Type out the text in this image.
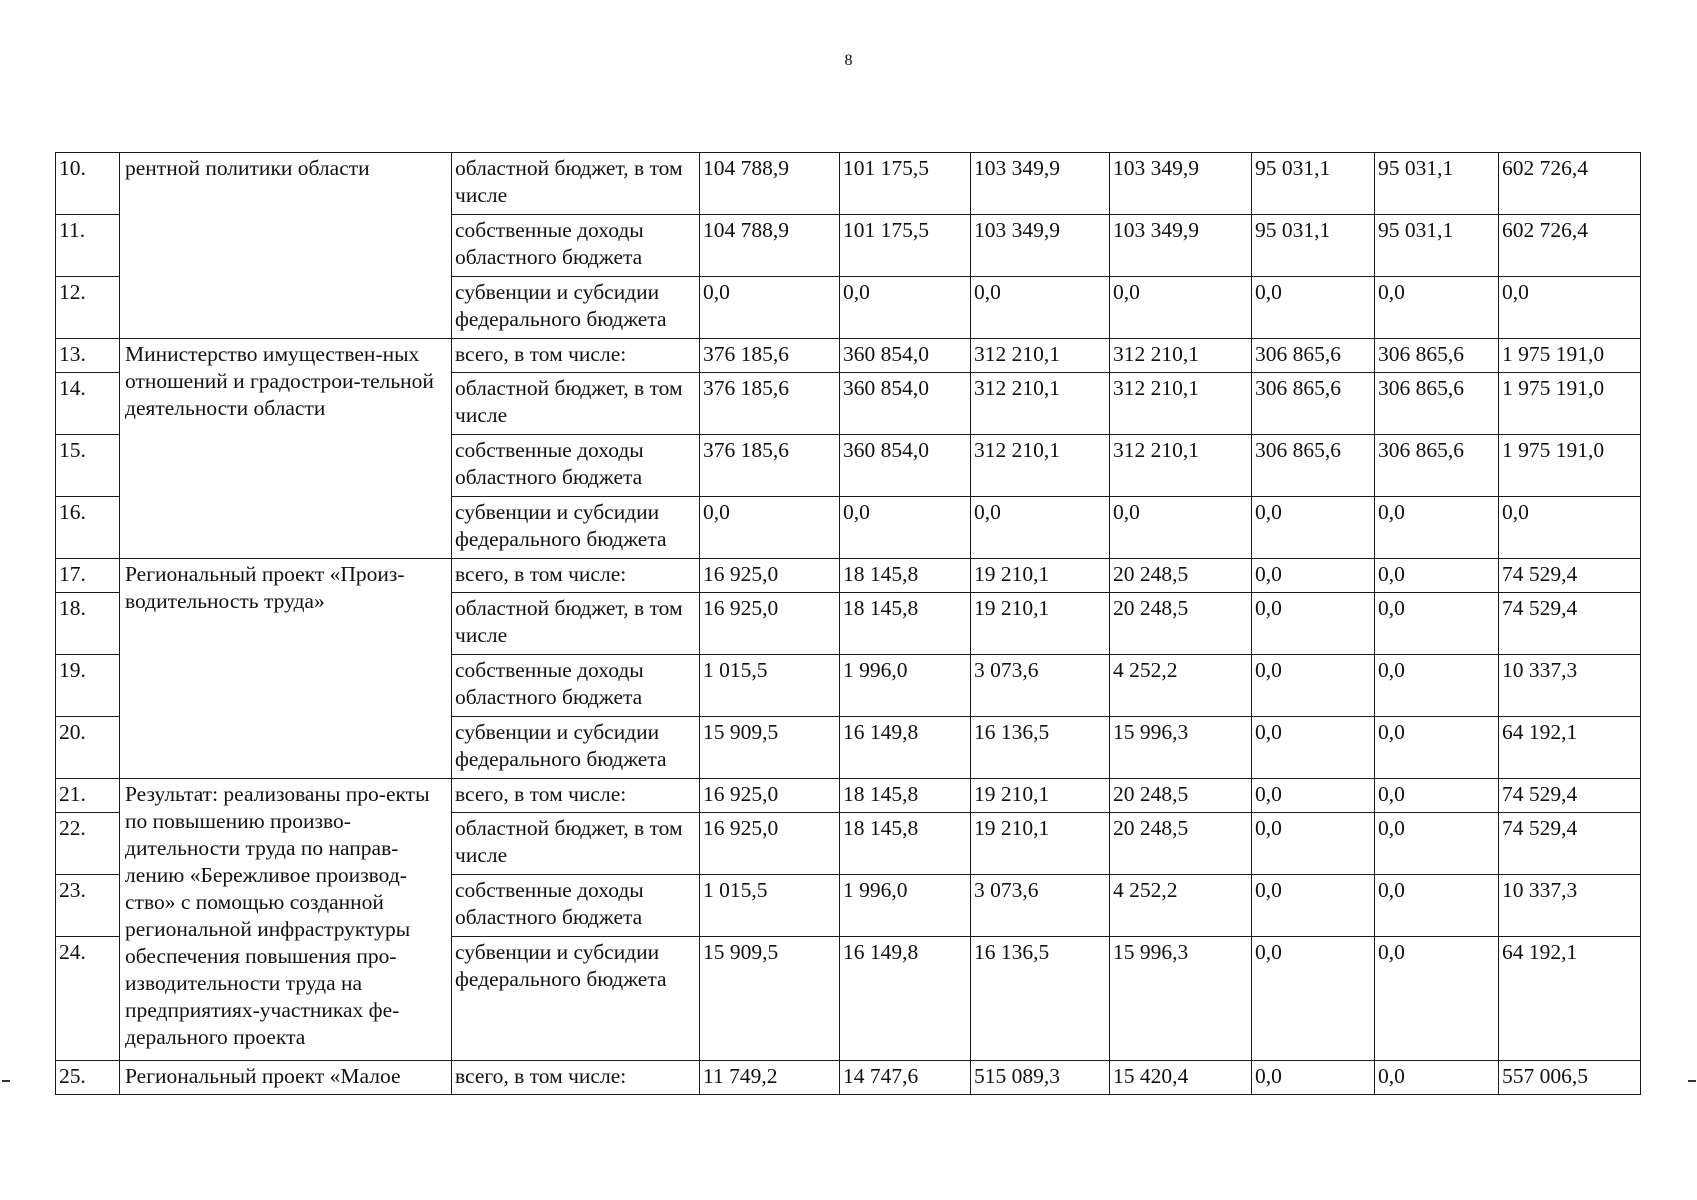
8
10.	рентной политики области	областной бюджет, в том числе	104 788,9	101 175,5	103 349,9	103 349,9	95 031,1	95 031,1	602 726,4
11.		собственные доходы областного бюджета	104 788,9	101 175,5	103 349,9	103 349,9	95 031,1	95 031,1	602 726,4
12.		субвенции и субсидии федерального бюджета	0,0	0,0	0,0	0,0	0,0	0,0	0,0
13.	Министерство имуществен-ных отношений и градострои-тельной деятельности области	всего, в том числе:	376 185,6	360 854,0	312 210,1	312 210,1	306 865,6	306 865,6	1 975 191,0
14.		областной бюджет, в том числе	376 185,6	360 854,0	312 210,1	312 210,1	306 865,6	306 865,6	1 975 191,0
15.		собственные доходы областного бюджета	376 185,6	360 854,0	312 210,1	312 210,1	306 865,6	306 865,6	1 975 191,0
16.		субвенции и субсидии федерального бюджета	0,0	0,0	0,0	0,0	0,0	0,0	0,0
17.	Региональный проект «Произ-водительность труда»	всего, в том числе:	16 925,0	18 145,8	19 210,1	20 248,5	0,0	0,0	74 529,4
18.		областной бюджет, в том числе	16 925,0	18 145,8	19 210,1	20 248,5	0,0	0,0	74 529,4
19.		собственные доходы областного бюджета	1 015,5	1 996,0	3 073,6	4 252,2	0,0	0,0	10 337,3
20.		субвенции и субсидии федерального бюджета	15 909,5	16 149,8	16 136,5	15 996,3	0,0	0,0	64 192,1
21.	Результат: реализованы про-екты по повышению произво-дительности труда по направ-лению «Бережливое производ-ство» с помощью созданной региональной инфраструктуры обеспечения повышения про-изводительности труда на предприятиях-участниках фе-дерального проекта	всего, в том числе:	16 925,0	18 145,8	19 210,1	20 248,5	0,0	0,0	74 529,4
22.		областной бюджет, в том числе	16 925,0	18 145,8	19 210,1	20 248,5	0,0	0,0	74 529,4
23.		собственные доходы областного бюджета	1 015,5	1 996,0	3 073,6	4 252,2	0,0	0,0	10 337,3
24.		субвенции и субсидии федерального бюджета	15 909,5	16 149,8	16 136,5	15 996,3	0,0	0,0	64 192,1
25.	Региональный проект «Малое	всего, в том числе:	11 749,2	14 747,6	515 089,3	15 420,4	0,0	0,0	557 006,5
